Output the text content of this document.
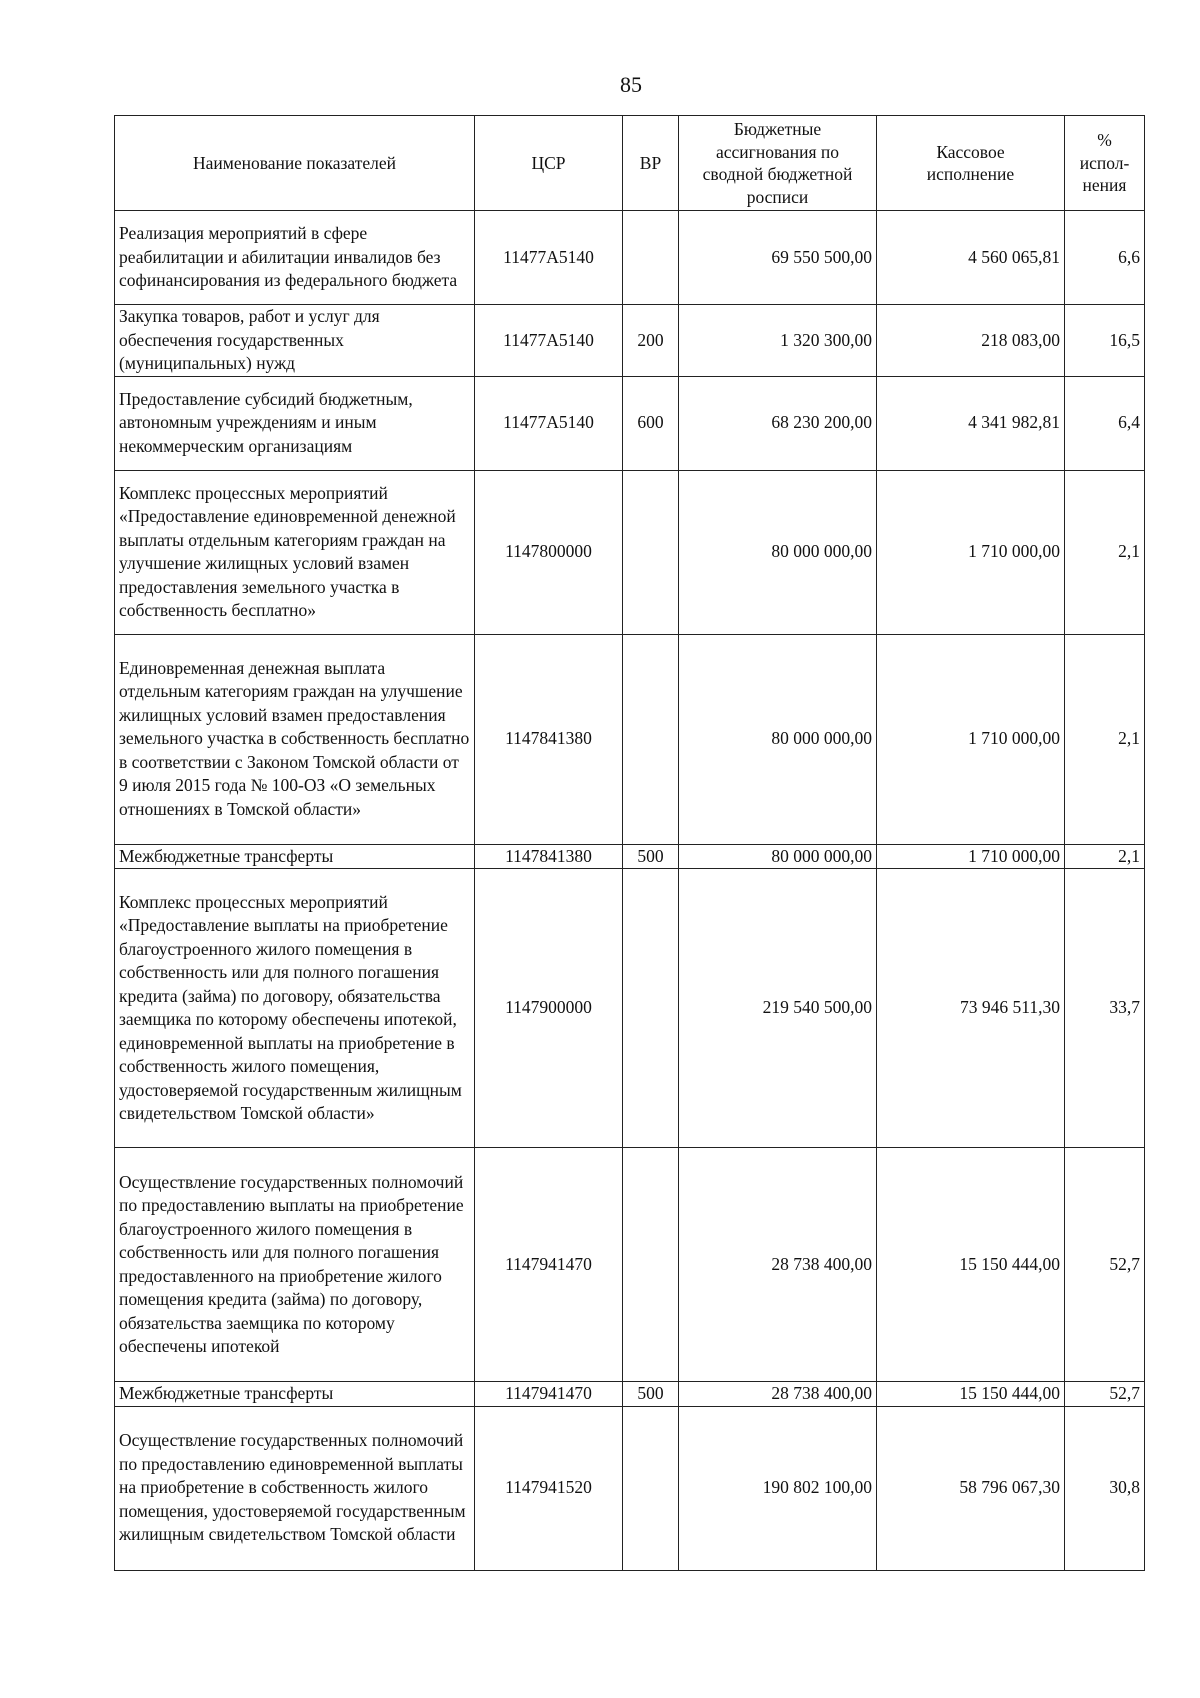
85
Наименование показателей	ЦСР	ВР	Бюджетные ассигнования по сводной бюджетной росписи	Кассовое исполнение	% испол-нения
Реализация мероприятий в сфере реабилитации и абилитации инвалидов без софинансирования из федерального бюджета	11477А5140		69 550 500,00	4 560 065,81	6,6
Закупка товаров, работ и услуг для обеспечения государственных (муниципальных) нужд	11477А5140	200	1 320 300,00	218 083,00	16,5
Предоставление субсидий бюджетным, автономным учреждениям и иным некоммерческим организациям	11477А5140	600	68 230 200,00	4 341 982,81	6,4
Комплекс процессных мероприятий «Предоставление единовременной денежной выплаты отдельным категориям граждан на улучшение жилищных условий взамен предоставления земельного участка в собственность бесплатно»	1147800000		80 000 000,00	1 710 000,00	2,1
Единовременная денежная выплата отдельным категориям граждан на улучшение жилищных условий взамен предоставления земельного участка в собственность бесплатно в соответствии с Законом Томской области от 9 июля 2015 года № 100-ОЗ «О земельных отношениях в Томской области»	1147841380		80 000 000,00	1 710 000,00	2,1
Межбюджетные трансферты	1147841380	500	80 000 000,00	1 710 000,00	2,1
Комплекс процессных мероприятий «Предоставление выплаты на приобретение благоустроенного жилого помещения в собственность или для полного погашения кредита (займа) по договору, обязательства заемщика по которому обеспечены ипотекой, единовременной выплаты на приобретение в собственность жилого помещения, удостоверяемой государственным жилищным свидетельством Томской области»	1147900000		219 540 500,00	73 946 511,30	33,7
Осуществление государственных полномочий по предоставлению выплаты на приобретение благоустроенного жилого помещения в собственность или для полного погашения предоставленного на приобретение жилого помещения кредита (займа) по договору, обязательства заемщика по которому обеспечены ипотекой	1147941470		28 738 400,00	15 150 444,00	52,7
Межбюджетные трансферты	1147941470	500	28 738 400,00	15 150 444,00	52,7
Осуществление государственных полномочий по предоставлению единовременной выплаты на приобретение в собственность жилого помещения, удостоверяемой государственным жилищным свидетельством Томской области	1147941520		190 802 100,00	58 796 067,30	30,8
